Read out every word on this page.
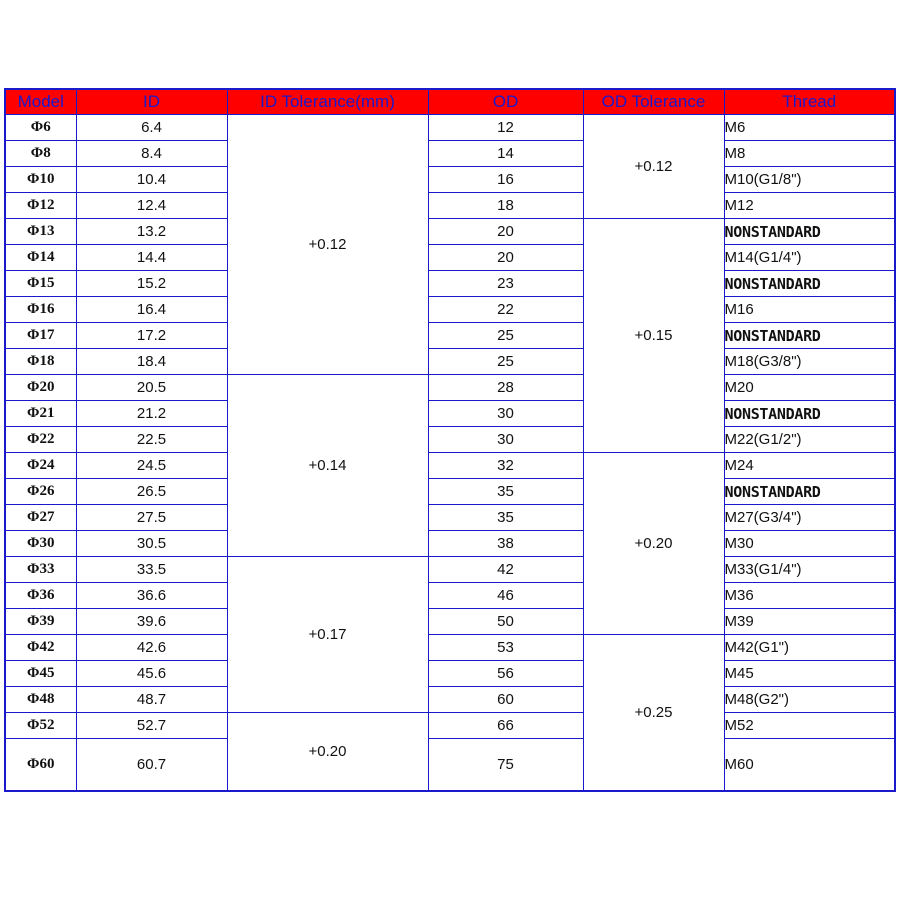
Model	ID	ID Tolerance(mm)	OD	OD Tolerance	Thread
Φ6	6.4	+0.12	12	+0.12	M6
Φ8	8.4		14		M8
Φ10	10.4		16		M10(G1/8")
Φ12	12.4		18		M12
Φ13	13.2		20	+0.15	NONSTANDARD
Φ14	14.4		20		M14(G1/4")
Φ15	15.2		23		NONSTANDARD
Φ16	16.4		22		M16
Φ17	17.2		25		NONSTANDARD
Φ18	18.4		25		M18(G3/8")
Φ20	20.5	+0.14	28		M20
Φ21	21.2		30		NONSTANDARD
Φ22	22.5		30		M22(G1/2")
Φ24	24.5		32	+0.20	M24
Φ26	26.5		35		NONSTANDARD
Φ27	27.5		35		M27(G3/4")
Φ30	30.5		38		M30
Φ33	33.5	+0.17	42		M33(G1/4")
Φ36	36.6		46		M36
Φ39	39.6		50		M39
Φ42	42.6		53	+0.25	M42(G1")
Φ45	45.6		56		M45
Φ48	48.7		60		M48(G2")
Φ52	52.7	+0.20	66		M52
Φ60	60.7		75		M60
